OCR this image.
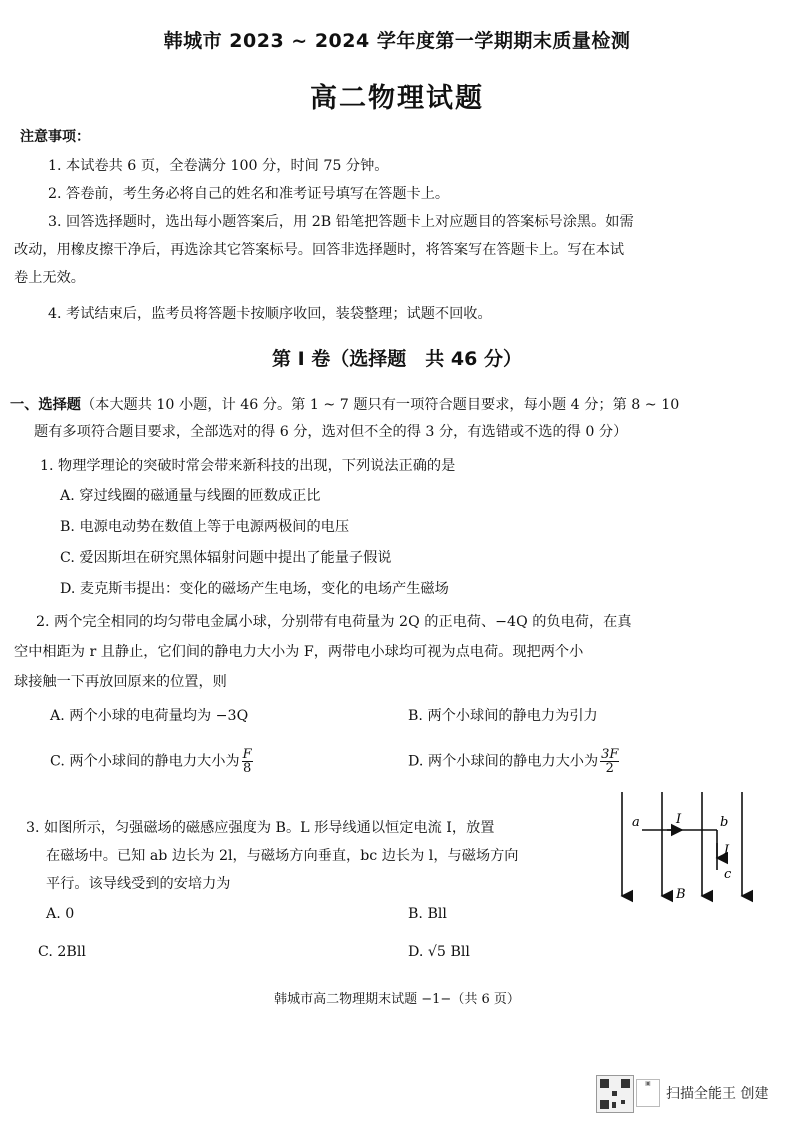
韩城市 2023 ~ 2024 学年度第一学期期末质量检测
高二物理试题
注意事项：
1. 本试卷共 6 页，全卷满分 100 分，时间 75 分钟。
2. 答卷前，考生务必将自己的姓名和准考证号填写在答题卡上。
3. 回答选择题时，选出每小题答案后，用 2B 铅笔把答题卡上对应题目的答案标号涂黑。如需
改动，用橡皮擦干净后，再选涂其它答案标号。回答非选择题时，将答案写在答题卡上。写在本试
卷上无效。
4. 考试结束后，监考员将答题卡按顺序收回，装袋整理；试题不回收。
第 I 卷（选择题　共 46 分）
一、选择题（本大题共 10 小题，计 46 分。第 1 ~ 7 题只有一项符合题目要求，每小题 4 分；第 8 ~ 10
题有多项符合题目要求，全部选对的得 6 分，选对但不全的得 3 分，有选错或不选的得 0 分）
1. 物理学理论的突破时常会带来新科技的出现，下列说法正确的是
A. 穿过线圈的磁通量与线圈的匝数成正比
B. 电源电动势在数值上等于电源两极间的电压
C. 爱因斯坦在研究黑体辐射问题中提出了能量子假说
D. 麦克斯韦提出：变化的磁场产生电场，变化的电场产生磁场
2. 两个完全相同的均匀带电金属小球，分别带有电荷量为 2Q 的正电荷、−4Q 的负电荷，在真
空中相距为 r 且静止，它们间的静电力大小为 F，两带电小球均可视为点电荷。现把两个小
球接触一下再放回原来的位置，则
A. 两个小球的电荷量均为 −3Q	B. 两个小球间的静电力为引力
C. 两个小球间的静电力大小为 $\frac{F}{8}$	D. 两个小球间的静电力大小为 $\frac{3F}{2}$
3. 如图所示，匀强磁场的磁感应强度为 B。L 形导线通以恒定电流 I，放置
在磁场中。已知 ab 边长为 2l，与磁场方向垂直，bc 边长为 l，与磁场方向
平行。该导线受到的安培力为
A. 0	B. Bll
C. 2Bll	D. √5 Bll
a	I	b
I
c
B
韩城市高二物理期末试题 −1−（共 6 页）
▣
扫描全能王 创建
